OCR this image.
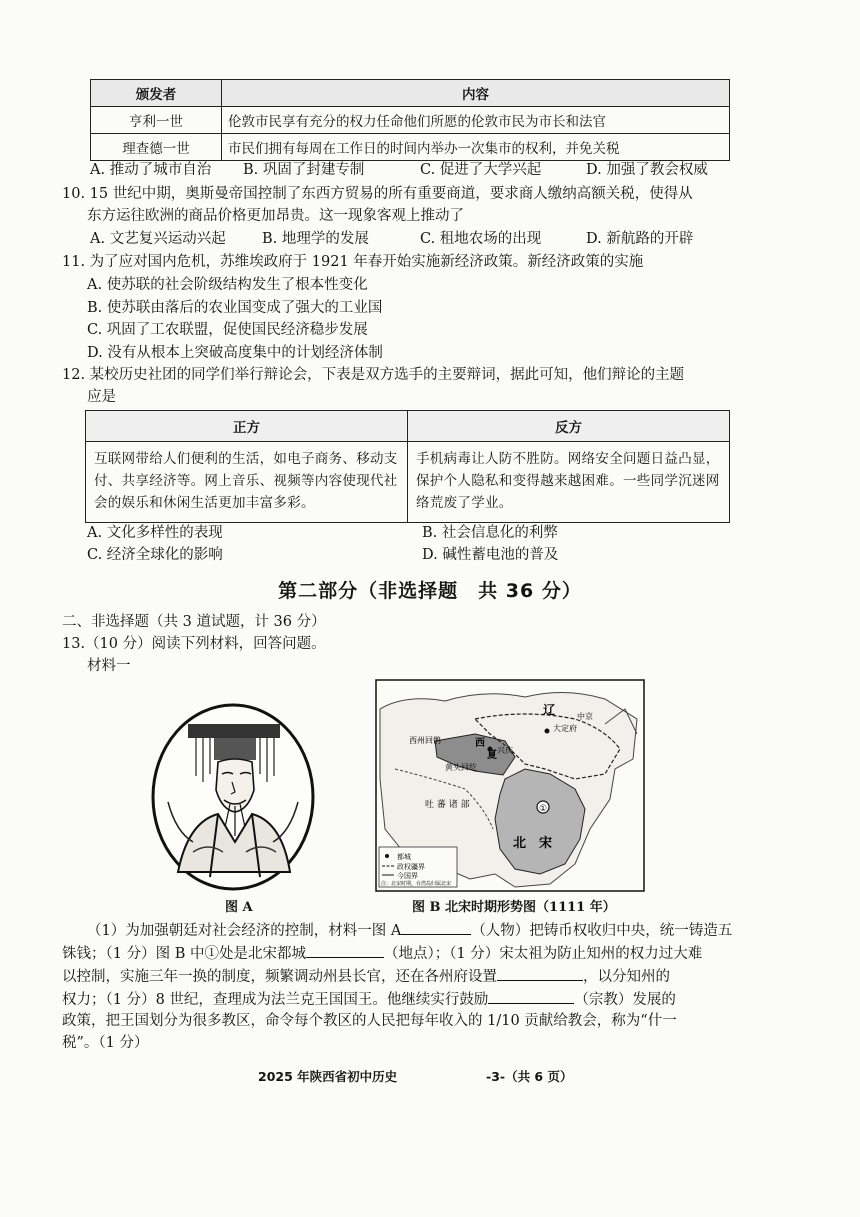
颁发者	内容
亨利一世	伦敦市民享有充分的权力任命他们所愿的伦敦市民为市长和法官
理查德一世	市民们拥有每周在工作日的时间内举办一次集市的权利，并免关税
A. 推动了城市自治 B. 巩固了封建专制	C. 促进了大学兴起	D. 加强了教会权威
10. 15 世纪中期，奥斯曼帝国控制了东西方贸易的所有重要商道，要求商人缴纳高额关税，使得从
东方运往欧洲的商品价格更加昂贵。这一现象客观上推动了
A. 文艺复兴运动兴起	B. 地理学的发展	C. 租地农场的出现	D. 新航路的开辟
11. 为了应对国内危机，苏维埃政府于 1921 年春开始实施新经济政策。新经济政策的实施
A. 使苏联的社会阶级结构发生了根本性变化
B. 使苏联由落后的农业国变成了强大的工业国
C. 巩固了工农联盟，促使国民经济稳步发展
D. 没有从根本上突破高度集中的计划经济体制
12. 某校历史社团的同学们举行辩论会，下表是双方选手的主要辩词，据此可知，他们辩论的主题
应是
正方	反方
互联网带给人们便利的生活，如电子商务、移动支付、共享经济等。网上音乐、视频等内容使现代社会的娱乐和休闲生活更加丰富多彩。	手机病毒让人防不胜防。网络安全问题日益凸显，保护个人隐私和变得越来越困难。一些同学沉迷网络荒废了学业。
A. 文化多样性的表现	B. 社会信息化的利弊
C. 经济全球化的影响	D. 碱性蓄电池的普及
第二部分（非选择题　共 36 分）
二、非选择题（共 3 道试题，计 36 分）
13.（10 分）阅读下列材料，回答问题。
材料一
图 A
辽	中京
大定府
西州回鹘	西
夏 兴庆
黄头回纥
吐 蕃 诸 部	①
北　宋
都城
政权疆界
今国界
注：北宋时期，台湾岛归属北宋
图 B 北宋时期形势图（1111 年）
（1）为加强朝廷对社会经济的控制，材料一图 A	（人物）把铸币权收归中央，统一铸造五
铢钱；（1 分）图 B 中①处是北宋都城	（地点）；（1 分）宋太祖为防止知州的权力过大难
以控制，实施三年一换的制度，频繁调动州县长官，还在各州府设置	，以分知州的
权力；（1 分）8 世纪，查理成为法兰克王国国王。他继续实行鼓励	（宗教）发展的
政策，把王国划分为很多教区，命令每个教区的人民把每年收入的 1/10 贡献给教会，称为“什一
税”。（1 分）
2025 年陕西省初中历史	-3-（共 6 页）
